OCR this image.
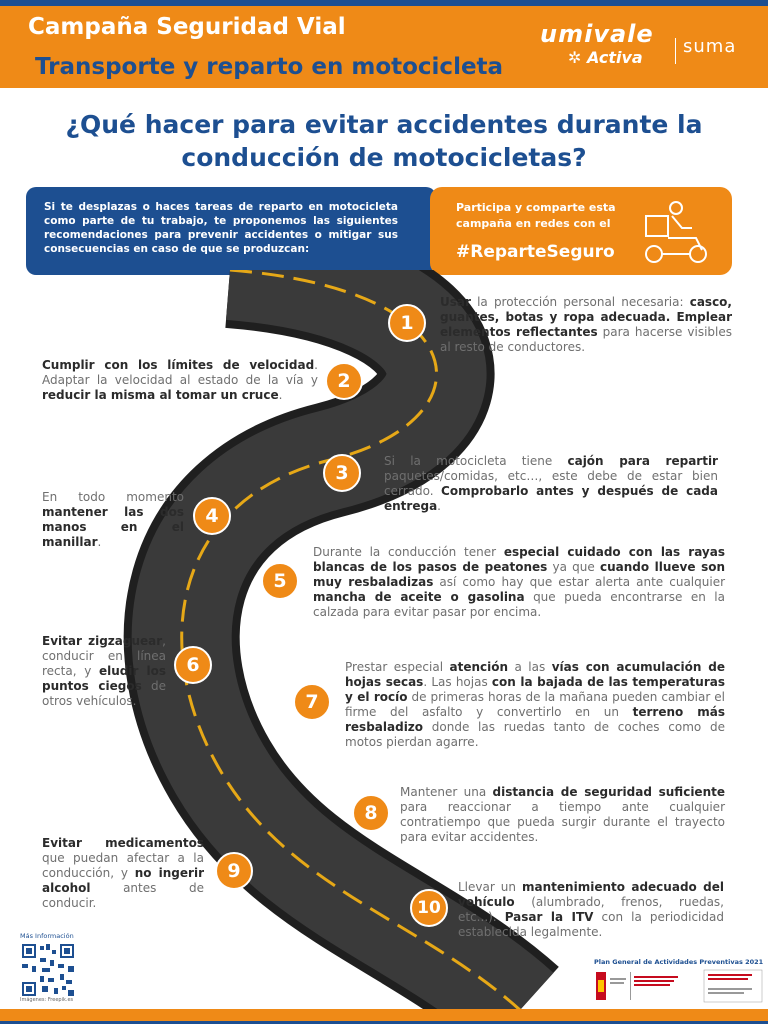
Campaña Seguridad Vial
Transporte y reparto en motocicleta
umivale
✲ Activa
suma
¿Qué hacer para evitar accidentes durante la conducción de motocicletas?
Si te desplazas o haces tareas de reparto en motocicleta como parte de tu trabajo, te proponemos las siguientes recomendaciones para prevenir accidentes o mitigar sus consecuencias en caso de que se produzcan:
Participa y comparte esta campaña en redes con el
#ReparteSeguro
1
Usar la protección personal necesaria: casco, guantes, botas y ropa adecuada. Emplear elementos reflectantes para hacerse visibles al resto de conductores.
2
Cumplir con los límites de velocidad. Adaptar la velocidad al estado de la vía y reducir la misma al tomar un cruce.
3
Si la motocicleta tiene cajón para repartir paquetes/comidas, etc…, este debe de estar bien cerrado. Comprobarlo antes y después de cada entrega.
4
En todo momento mantener las dos manos en el manillar.
5
Durante la conducción tener especial cuidado con las rayas blancas de los pasos de peatones ya que cuando llueve son muy resbaladizas así como hay que estar alerta ante cualquier mancha de aceite o gasolina que pueda encontrarse en la calzada para evitar pasar por encima.
6
Evitar zigzaguear, conducir en línea recta, y eludir los puntos ciegos de otros vehículos.	7
Prestar especial atención a las vías con acumulación de hojas secas. Las hojas con la bajada de las temperaturas y el rocío de primeras horas de la mañana pueden cambiar el firme del asfalto y convertirlo en un terreno más resbaladizo donde las ruedas tanto de coches como de motos pierdan agarre.
8
Mantener una distancia de seguridad suficiente para reaccionar a tiempo ante cualquier contratiempo que pueda surgir durante el trayecto para evitar accidentes.
9
Evitar medicamentos que puedan afectar a la conducción, y no ingerir alcohol antes de conducir.	10
Llevar un mantenimiento adecuado del vehículo (alumbrado, frenos, ruedas, etc...). Pasar la ITV con la periodicidad establecida legalmente.
Más Información
Imágenes: Freepik.es
Plan General de Actividades Preventivas 2021
